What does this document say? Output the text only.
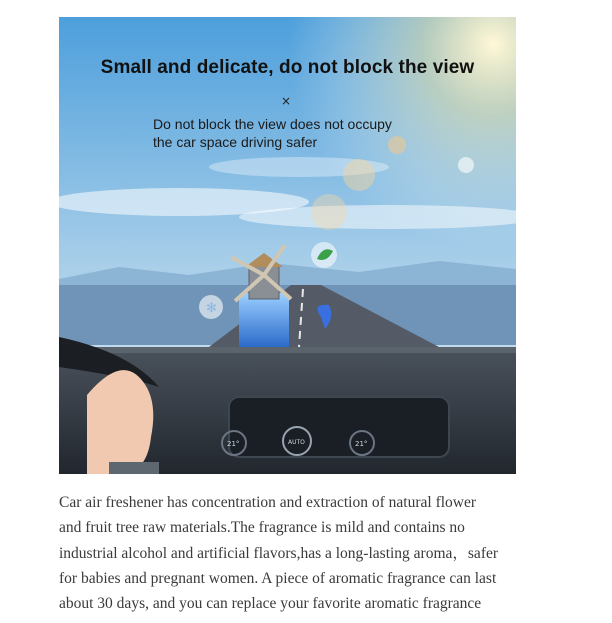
✻
21°	AUTO	21°
Small and delicate, do not block the view
×
Do not block the view does not occupy
the car space driving safer

Car air freshener has concentration and extraction of natural flower

and fruit tree raw materials.The fragrance is mild and contains no

industrial alcohol and artificial flavors,has a long-lasting aroma，safer

for babies and pregnant women. A piece of aromatic fragrance can last

about 30 days, and you can replace your favorite aromatic fragrance
